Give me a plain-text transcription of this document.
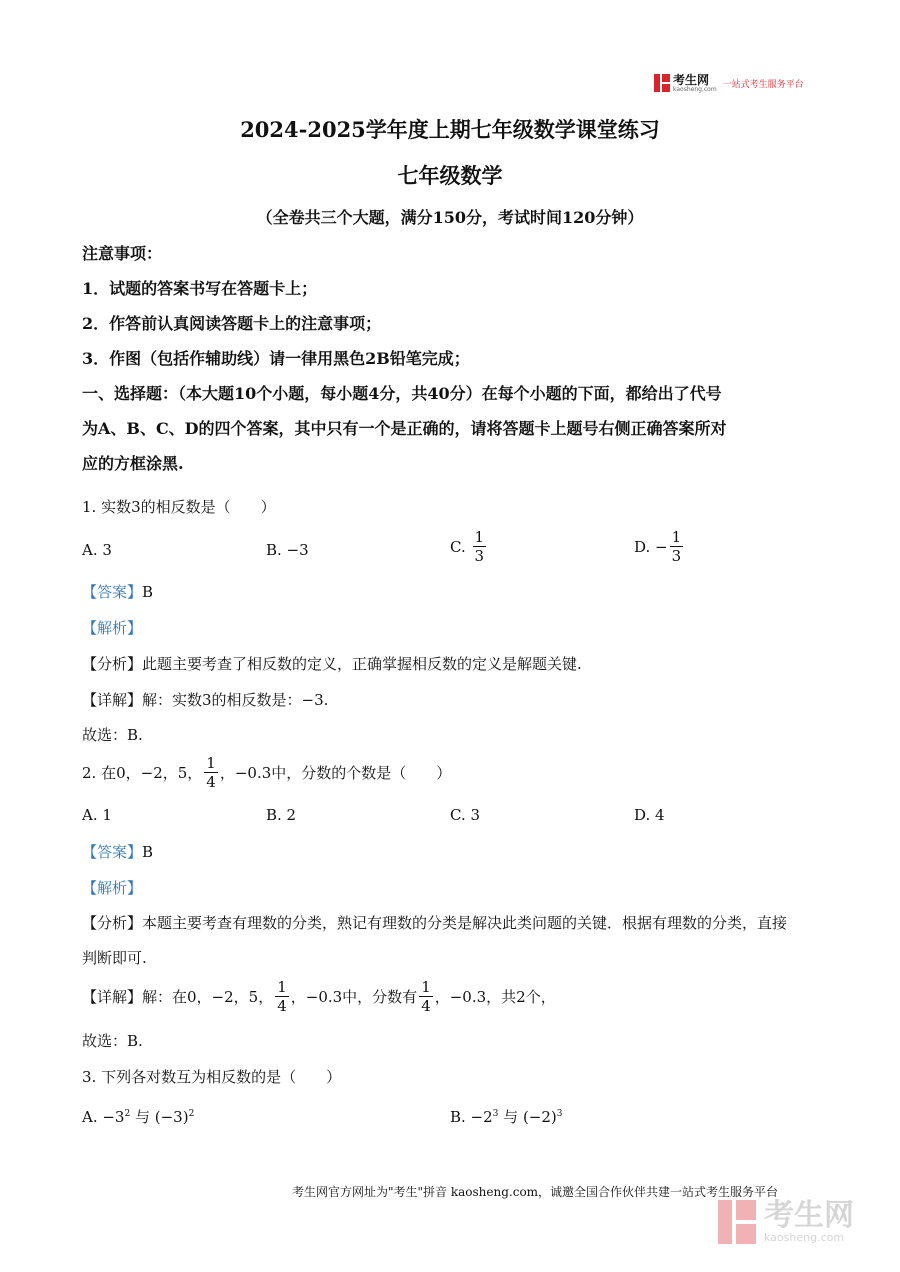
考生网
kaosheng.com 一站式考生服务平台
2024-2025学年度上期七年级数学课堂练习
七年级数学
（全卷共三个大题，满分150分，考试时间120分钟）
注意事项：
1．试题的答案书写在答题卡上；
2．作答前认真阅读答题卡上的注意事项；
3．作图（包括作辅助线）请一律用黑色2B铅笔完成；
一、选择题：（本大题10个小题，每小题4分，共40分）在每个小题的下面，都给出了代号
为A、B、C、D的四个答案，其中只有一个是正确的，请将答题卡上题号右侧正确答案所对
应的方框涂黑.
1. 实数3的相反数是（　　）
A. 3	B. −3	C.
$\frac{1}{3}$	D. − $\frac{1}{3}$
【答案】B
【解析】
【分析】此题主要考查了相反数的定义，正确掌握相反数的定义是解题关键.
【详解】解：实数3的相反数是：−3.
故选：B.
2. 在0，−2，5， $\frac{1}{4}$ ，−0.3中，分数的个数是（　　）
A. 1	B. 2	C. 3	D. 4
【答案】B
【解析】
【分析】本题主要考查有理数的分类，熟记有理数的分类是解决此类问题的关键．根据有理数的分类，直接
判断即可.
【详解】解：在0，−2，5， $\frac{1}{4}$ ，−0.3中，分数有 $\frac{1}{4}$ ，−0.3，共2个，
故选：B.
3. 下列各对数互为相反数的是（　　）
A. $-3^2$ 与 $(-3)^2$	B. $-2^3$ 与 $(-2)^3$
考生网官方网址为"考生"拼音 kaosheng.com，诚邀全国合作伙伴共建一站式考生服务平台
考生网
kaosheng.com
